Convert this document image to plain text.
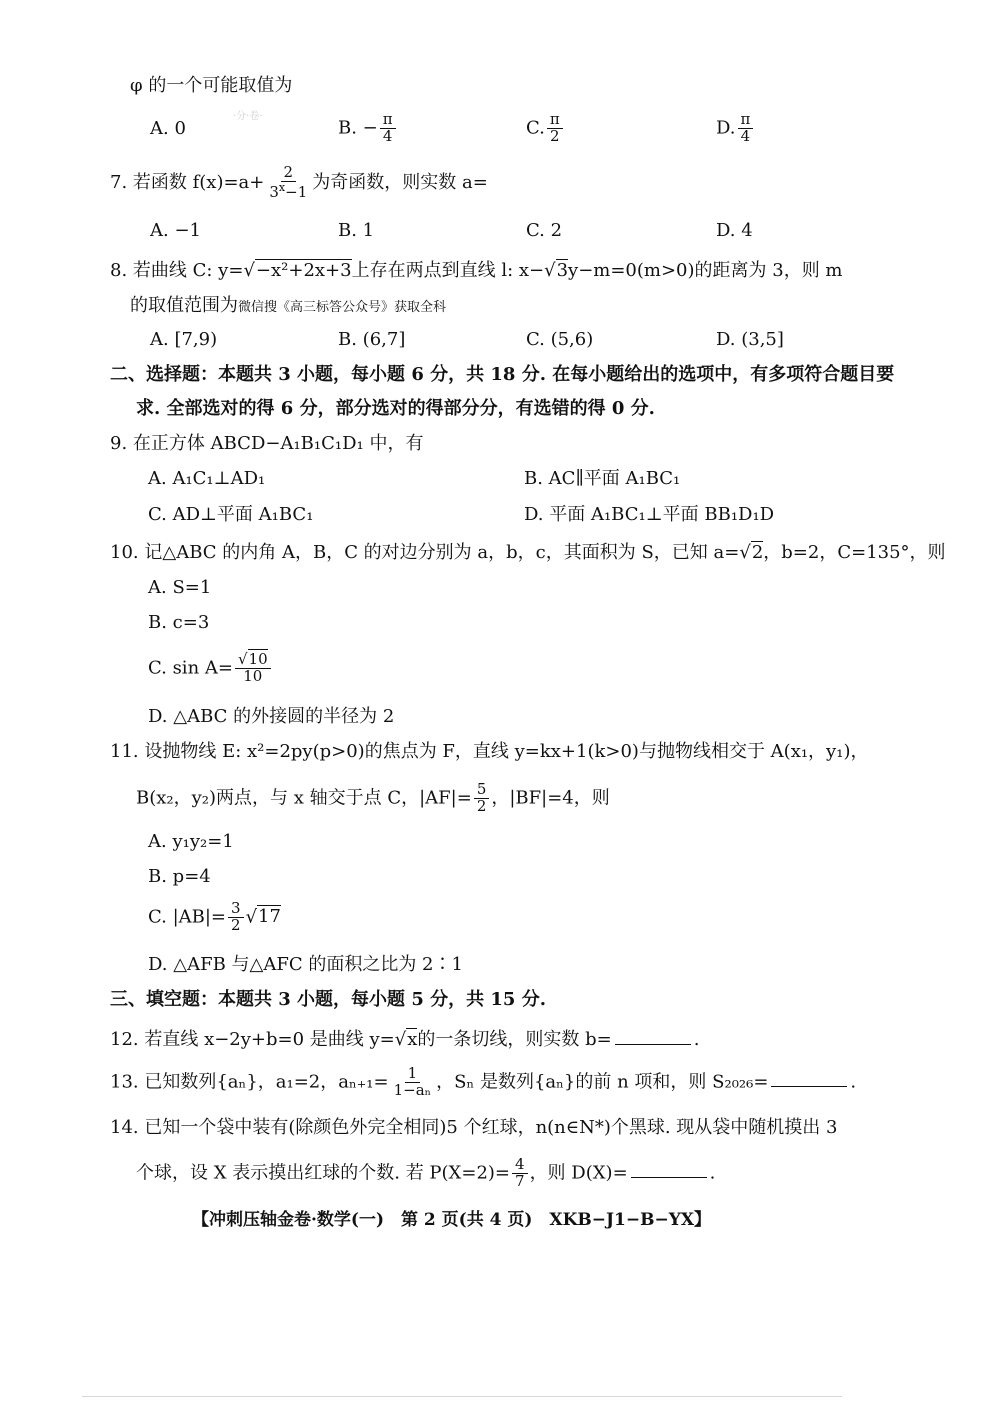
φ 的一个可能取值为
A. 0
·分·卷·
B. − $\frac{\pi}{4}$	C. $\frac{\pi}{2}$	D. $\frac{\pi}{4}$
7. 若函数 $f(x)=a+ \frac{2}{3^x-1}$ 为奇函数，则实数 a=
A. −1	B. 1	C. 2	D. 4
8. 若曲线 C: y=√−x²+2x+3上存在两点到直线 l: x−√3y−m=0(m>0)的距离为 3，则 m
的取值范围为微信搜《高三标答公众号》获取全科
A. [7,9)	B. (6,7]	C. (5,6)	D. (3,5]
二、选择题：本题共 3 小题，每小题 6 分，共 18 分. 在每小题给出的选项中，有多项符合题目要
求. 全部选对的得 6 分，部分选对的得部分分，有选错的得 0 分.
9. 在正方体 ABCD−A₁B₁C₁D₁ 中，有
A. A₁C₁⊥AD₁	B. AC∥平面 A₁BC₁
C. AD⊥平面 A₁BC₁	D. 平面 A₁BC₁⊥平面 BB₁D₁D
10. 记△ABC 的内角 A，B，C 的对边分别为 a，b，c，其面积为 S，已知 a=√2，b=2，C=135°，则
A. S=1
B. c=3
C. $\sin A= \frac{√10}{10}$
D. △ABC 的外接圆的半径为 2
11. 设抛物线 E: x²=2py(p>0)的焦点为 F，直线 y=kx+1(k>0)与抛物线相交于 A(x₁，y₁)，
B(x₂，y₂)两点，与 x 轴交于点 C，$|AF|= \frac{5}{2}$ ，|BF|=4，则
A. y₁y₂=1
B. p=4
C. $|AB|= \frac{3}{2} √17$
D. △AFB 与△AFC 的面积之比为 2∶1
三、填空题：本题共 3 小题，每小题 5 分，共 15 分.
12. 若直线 x−2y+b=0 是曲线 y=√x的一条切线，则实数 b=	.
13. 已知数列{aₙ}，a₁=2，$a_{n+1}= \frac{1}{\text{1−aₙ}}$ ，Sₙ 是数列{aₙ}的前 n 项和，则 S₂₀₂₆=	.
14. 已知一个袋中装有(除颜色外完全相同)5 个红球，n(n∈N*)个黑球. 现从袋中随机摸出 3
个球，设 X 表示摸出红球的个数. 若 $P(X=2)= \frac{4}{7}$ ，则 D(X)=	.
【冲刺压轴金卷·数学(一)　第 2 页(共 4 页)　XKB−J1−B−YX】
